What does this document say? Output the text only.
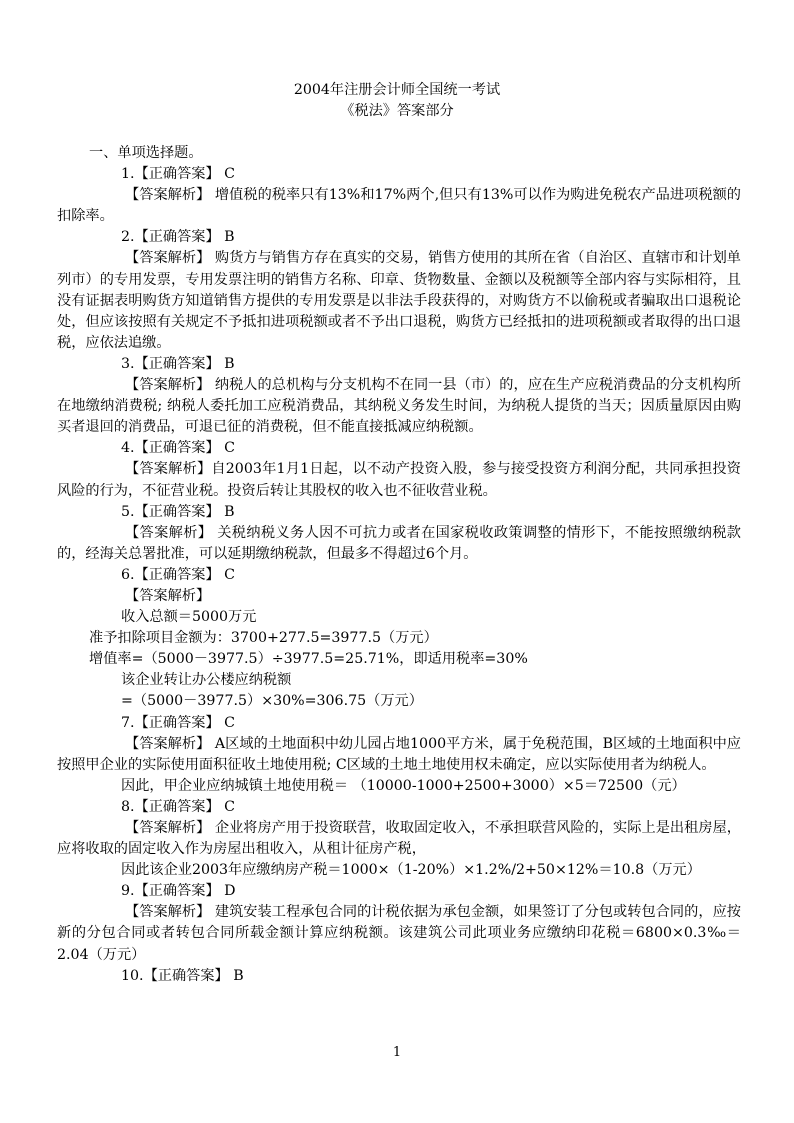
2004年注册会计师全国统一考试
《税法》答案部分
一、单项选择题。
1.【正确答案】 C
【答案解析】 增值税的税率只有13%和17%两个,但只有13%可以作为购进免税农产品进项税额的扣除率。
2.【正确答案】 B
【答案解析】 购货方与销售方存在真实的交易，销售方使用的其所在省（自治区、直辖市和计划单列市）的专用发票，专用发票注明的销售方名称、印章、货物数量、金额以及税额等全部内容与实际相符，且没有证据表明购货方知道销售方提供的专用发票是以非法手段获得的，对购货方不以偷税或者骗取出口退税论处，但应该按照有关规定不予抵扣进项税额或者不予出口退税，购货方已经抵扣的进项税额或者取得的出口退税，应依法追缴。
3.【正确答案】 B
【答案解析】 纳税人的总机构与分支机构不在同一县（市）的，应在生产应税消费品的分支机构所在地缴纳消费税; 纳税人委托加工应税消费品，其纳税义务发生时间，为纳税人提货的当天；因质量原因由购买者退回的消费品，可退已征的消费税，但不能直接抵减应纳税额。
4.【正确答案】 C
【答案解析】自2003年1月1日起，以不动产投资入股，参与接受投资方利润分配，共同承担投资风险的行为，不征营业税。投资后转让其股权的收入也不征收营业税。
5.【正确答案】 B
【答案解析】 关税纳税义务人因不可抗力或者在国家税收政策调整的情形下，不能按照缴纳税款的，经海关总署批准，可以延期缴纳税款，但最多不得超过6个月。
6.【正确答案】 C
【答案解析】
收入总额＝5000万元
准予扣除项目金额为：3700+277.5=3977.5（万元）
增值率=（5000－3977.5）÷3977.5=25.71%，即适用税率=30%
该企业转让办公楼应纳税额
=（5000－3977.5）×30%=306.75（万元）
7.【正确答案】 C
【答案解析】 A区域的土地面积中幼儿园占地1000平方米，属于免税范围，B区域的土地面积中应按照甲企业的实际使用面积征收土地使用税; C区域的土地土地使用权未确定，应以实际使用者为纳税人。
因此，甲企业应纳城镇土地使用税＝ （10000-1000+2500+3000）×5＝72500（元）
8.【正确答案】 C
【答案解析】 企业将房产用于投资联营，收取固定收入，不承担联营风险的，实际上是出租房屋，应将收取的固定收入作为房屋出租收入，从租计征房产税，
因此该企业2003年应缴纳房产税＝1000×（1-20%）×1.2%/2+50×12%＝10.8（万元）
9.【正确答案】 D
【答案解析】 建筑安装工程承包合同的计税依据为承包金额，如果签订了分包或转包合同的，应按新的分包合同或者转包合同所载金额计算应纳税额。该建筑公司此项业务应缴纳印花税＝6800×0.3‰＝2.04（万元）
10.【正确答案】 B
1
